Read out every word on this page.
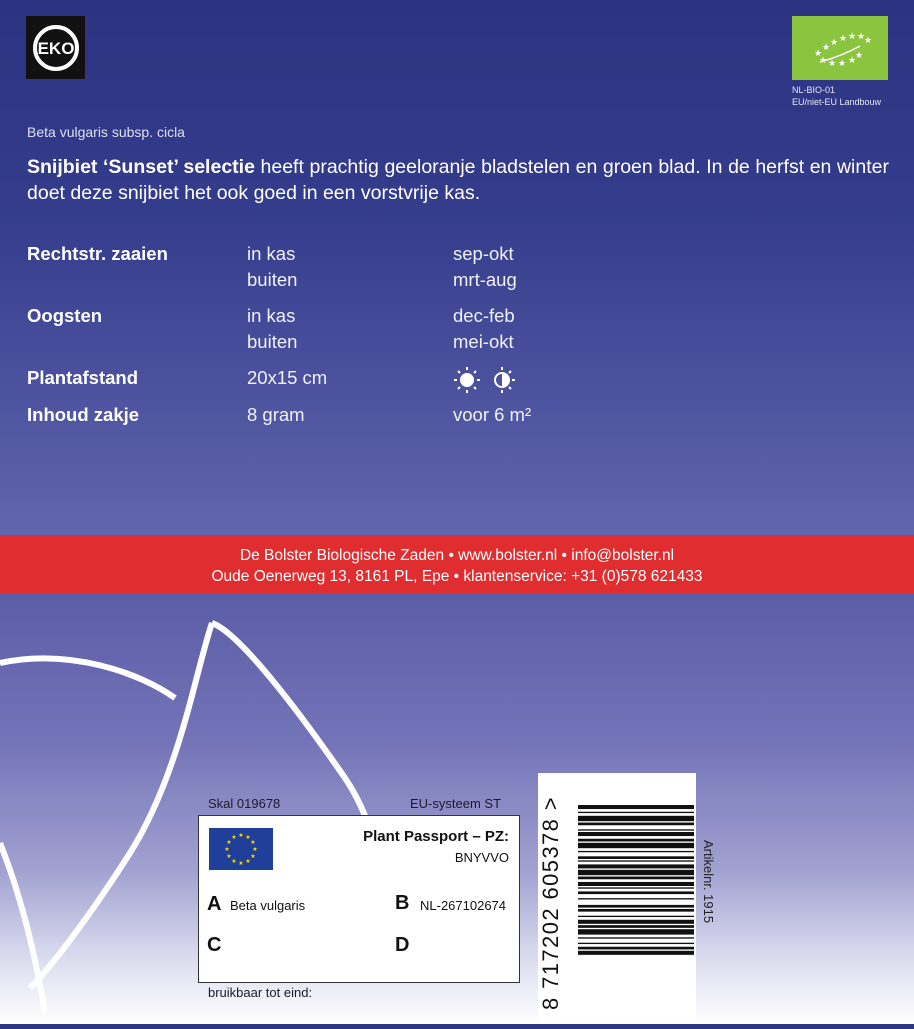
EKO	★
★ ★ ★ ★ ★
★
★ ★ ★ ★
★
NL-BIO-01
EU/niet-EU Landbouw
Beta vulgaris subsp. cicla
Snijbiet ‘Sunset’ selectie heeft prachtig geeloranje bladstelen en groen blad. In de herfst en winter doet deze snijbiet het ook goed in een vorstvrije kas.
Rechtstr. zaaien	in kas	sep-okt
buiten	mrt-aug
Oogsten	in kas	dec-feb
buiten	mei-okt
Plantafstand	20x15 cm
Inhoud zakje	8 gram	voor 6 m²
De Bolster Biologische Zaden • www.bolster.nl • info@bolster.nl
Oude Oenerweg 13, 8161 PL, Epe • klantenservice: +31 (0)578 621433
Skal 019678	EU-systeem ST
★ ★
★
★
★
★
★
★
★
★
★
★	Plant Passport – PZ:
BNYVVO
A Beta vulgaris	B NL-267102674
C	D
bruikbaar tot eind:	8 717202 605378 >	Artikelnr. 1915
